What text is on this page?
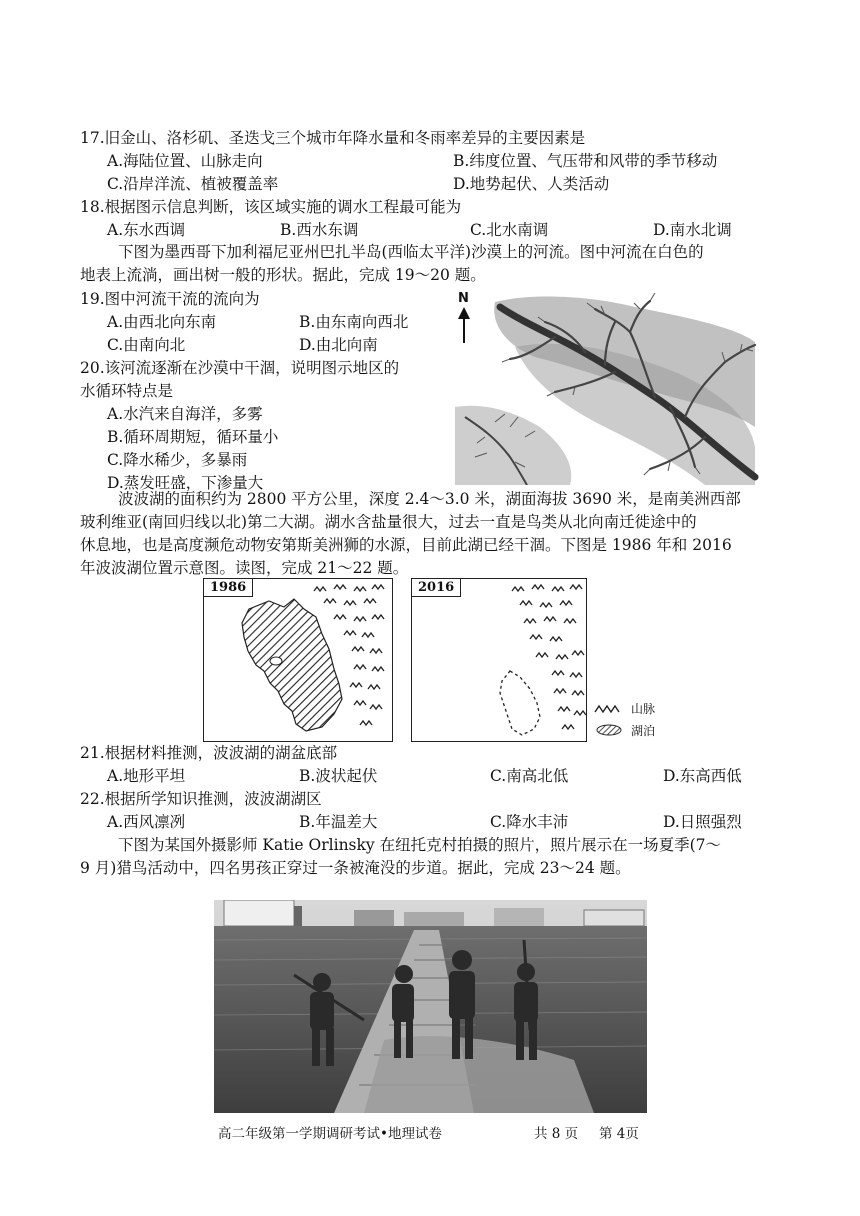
17.旧金山、洛杉矶、圣迭戈三个城市年降水量和冬雨率差异的主要因素是
A.海陆位置、山脉走向	B.纬度位置、气压带和风带的季节移动
C.沿岸洋流、植被覆盖率	D.地势起伏、人类活动
18.根据图示信息判断，该区域实施的调水工程最可能为
A.东水西调	B.西水东调	C.北水南调	D.南水北调
下图为墨西哥下加利福尼亚州巴扎半岛(西临太平洋)沙漠上的河流。图中河流在白色的
地表上流淌，画出树一般的形状。据此，完成 19～20 题。
19.图中河流干流的流向为
A.由西北向东南	B.由东南向西北
C.由南向北	D.由北向南
20.该河流逐渐在沙漠中干涸，说明图示地区的
水循环特点是
A.水汽来自海洋，多雾
B.循环周期短，循环量小
C.降水稀少，多暴雨
D.蒸发旺盛，下渗量大
N
波波湖的面积约为 2800 平方公里，深度 2.4～3.0 米，湖面海拔 3690 米，是南美洲西部
玻利维亚(南回归线以北)第二大湖。湖水含盐量很大，过去一直是鸟类从北向南迁徙途中的
休息地，也是高度濒危动物安第斯美洲狮的水源，目前此湖已经干涸。下图是 1986 年和 2016
年波波湖位置示意图。读图，完成 21～22 题。
1986	2016
山脉
湖泊
21.根据材料推测，波波湖的湖盆底部
A.地形平坦	B.波状起伏	C.南高北低	D.东高西低
22.根据所学知识推测，波波湖湖区
A.西风凛冽	B.年温差大	C.降水丰沛	D.日照强烈
下图为某国外摄影师 Katie Orlinsky 在纽托克村拍摄的照片，照片展示在一场夏季(7～
9 月)猎鸟活动中，四名男孩正穿过一条被淹没的步道。据此，完成 23～24 题。
高二年级第一学期调研考试•地理试卷	共 8 页 第 4页
